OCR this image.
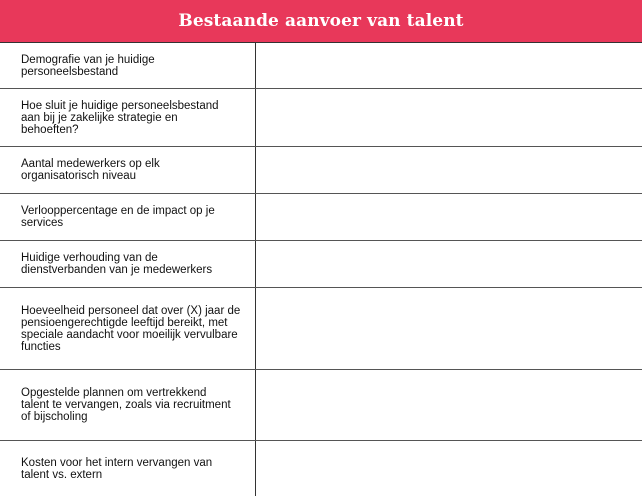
Bestaande aanvoer van talent
Demografie van je huidige personeelsbestand
Hoe sluit je huidige personeelsbestand aan bij je zakelijke strategie en behoeften?
Aantal medewerkers op elk organisatorisch niveau
Verlooppercentage en de impact op je services
Huidige verhouding van de dienstverbanden van je medewerkers
Hoeveelheid personeel dat over (X) jaar de pensioengerechtigde leeftijd bereikt, met speciale aandacht voor moeilijk vervulbare functies
Opgestelde plannen om vertrekkend talent te vervangen, zoals via recruitment of bijscholing
Kosten voor het intern vervangen van talent vs. extern
